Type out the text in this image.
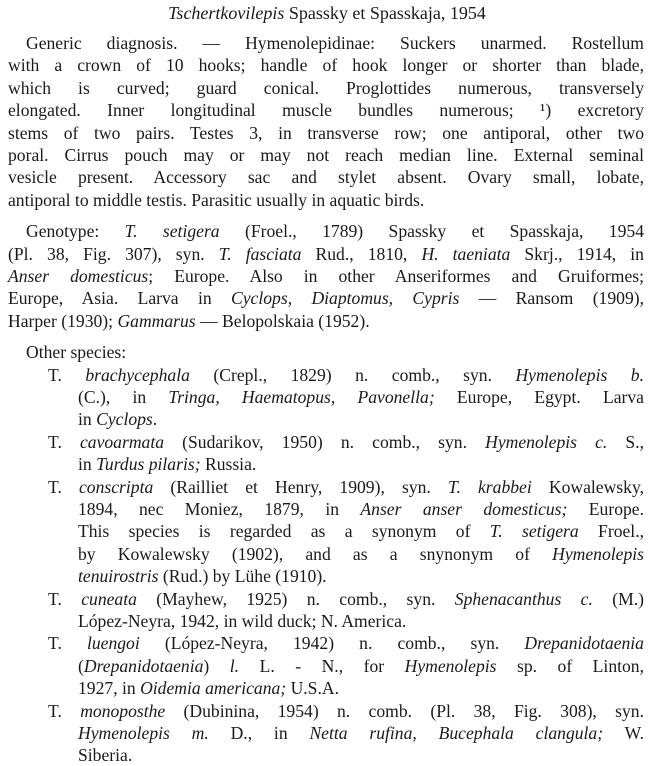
Tschertkovilepis Spassky et Spasskaja, 1954
Generic diagnosis. — Hymenolepidinae: Suckers unarmed. Rostellum
with a crown of 10 hooks; handle of hook longer or shorter than blade,
which is curved; guard conical. Proglottides numerous, transversely
elongated. Inner longitudinal muscle bundles numerous; ¹) excretory
stems of two pairs. Testes 3, in transverse row; one antiporal, other two
poral. Cirrus pouch may or may not reach median line. External seminal
vesicle present. Accessory sac and stylet absent. Ovary small, lobate,
antiporal to middle testis. Parasitic usually in aquatic birds.
Genotype: T. setigera (Froel., 1789) Spassky et Spasskaja, 1954
(Pl. 38, Fig. 307), syn. T. fasciata Rud., 1810, H. taeniata Skrj., 1914, in
Anser domesticus; Europe. Also in other Anseriformes and Gruiformes;
Europe, Asia. Larva in Cyclops, Diaptomus, Cypris — Ransom (1909),
Harper (1930); Gammarus — Belopolskaia (1952).
Other species:
T. brachycephala (Crepl., 1829) n. comb., syn. Hymenolepis b.
(C.), in Tringa, Haematopus, Pavonella; Europe, Egypt. Larva
in Cyclops.
T. cavoarmata (Sudarikov, 1950) n. comb., syn. Hymenolepis c. S.,
in Turdus pilaris; Russia.
T. conscripta (Railliet et Henry, 1909), syn. T. krabbei Kowalewsky,
1894, nec Moniez, 1879, in Anser anser domesticus; Europe.
This species is regarded as a synonym of T. setigera Froel.,
by Kowalewsky (1902), and as a snynonym of Hymenolepis
tenuirostris (Rud.) by Lühe (1910).
T. cuneata (Mayhew, 1925) n. comb., syn. Sphenacanthus c. (M.)
López-Neyra, 1942, in wild duck; N. America.
T. luengoi (López-Neyra, 1942) n. comb., syn. Drepanidotaenia
(Drepanidotaenia) l. L. - N., for Hymenolepis sp. of Linton,
1927, in Oidemia americana; U.S.A.
T. monoposthe (Dubinina, 1954) n. comb. (Pl. 38, Fig. 308), syn.
Hymenolepis m. D., in Netta rufina, Bucephala clangula; W.
Siberia.
